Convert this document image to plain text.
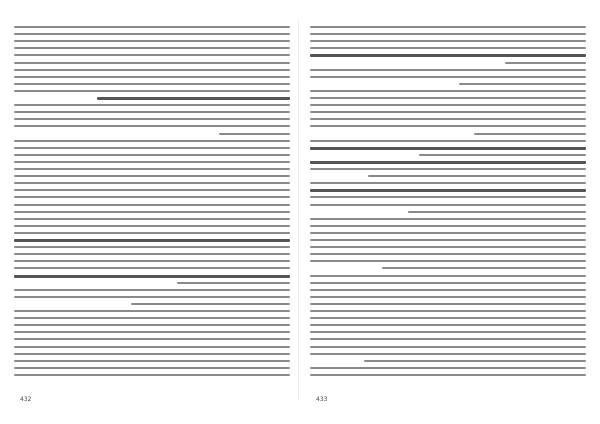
432	433
